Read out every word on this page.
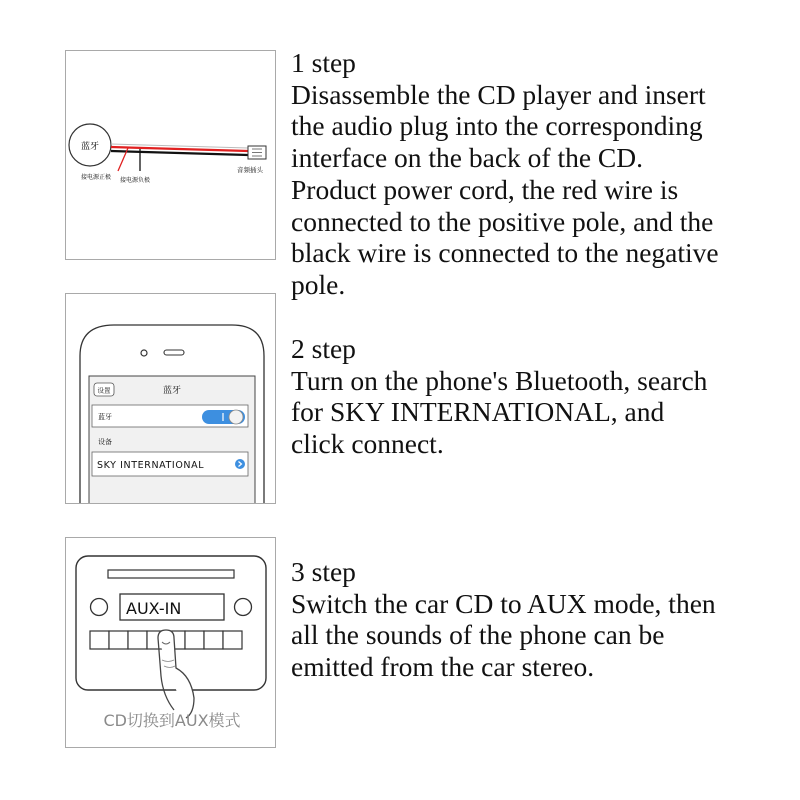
蓝牙
接电源正极 接电源负极
音频插头
1 step
Disassemble the CD player and insert
the audio plug into the corresponding
interface on the back of the CD.
Product power cord, the red wire is
connected to the positive pole, and the
black wire is connected to the negative
pole.
设置	蓝牙
蓝牙
设备
SKY INTERNATIONAL
2 step
Turn on the phone's Bluetooth, search
for SKY INTERNATIONAL, and
click connect.
AUX-IN
CD切换到AUX模式
3 step
Switch the car CD to AUX mode, then
all the sounds of the phone can be
emitted from the car stereo.
